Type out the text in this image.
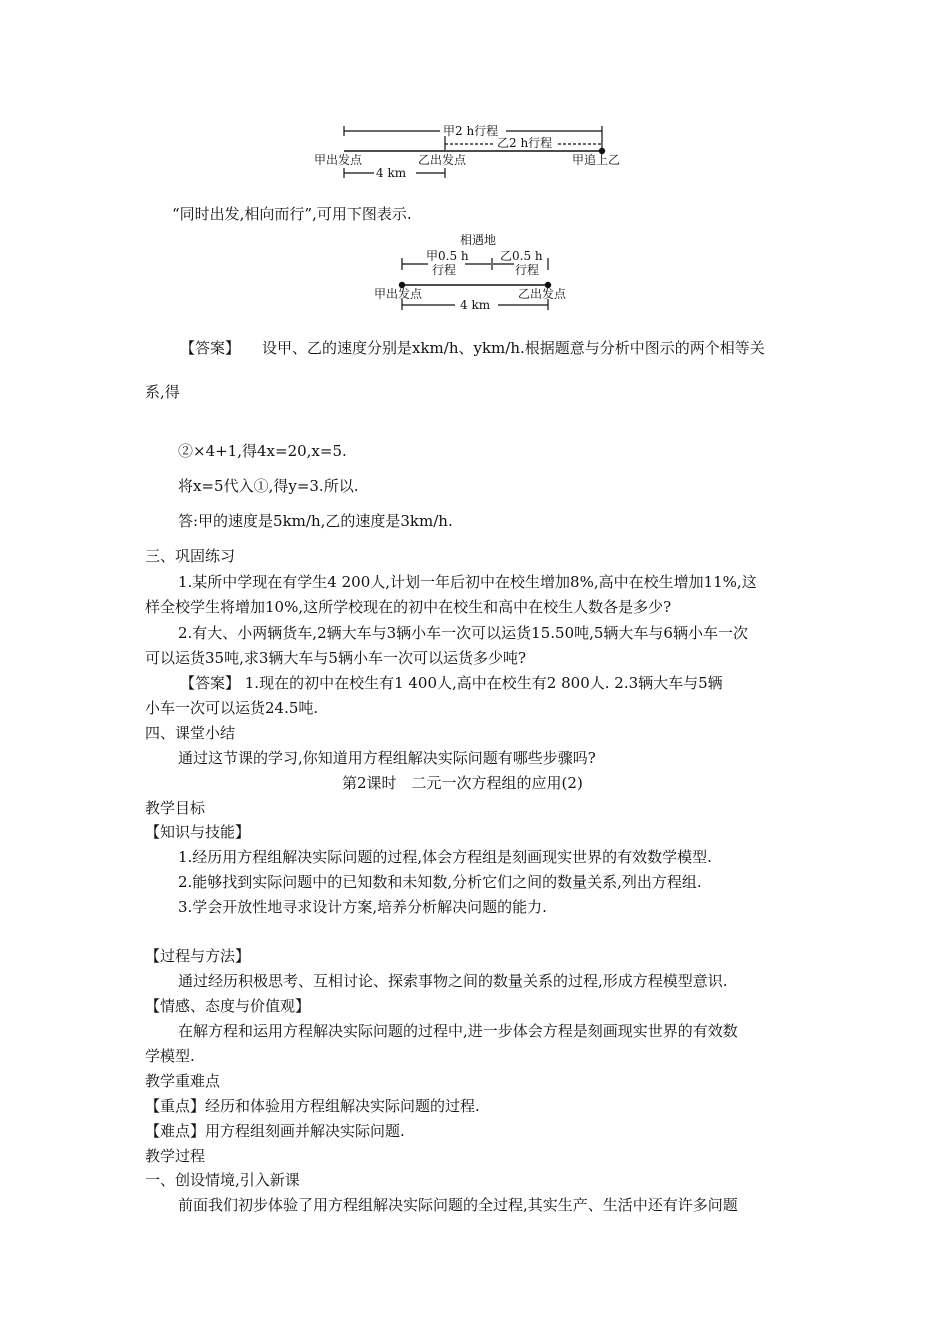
甲2 h行程
乙2 h行程
甲出发点	乙出发点	甲追上乙
4 km
“同时出发,相向而行”,可用下图表示.
相遇地
甲0.5 h
行程
乙0.5 h
行程
甲出发点	乙出发点
4 km
【答案】 设甲、乙的速度分别是xkm/h、ykm/h.根据题意与分析中图示的两个相等关
系,得
②×4+1,得4x=20,x=5.
将x=5代入①,得y=3.所以.
答:甲的速度是5km/h,乙的速度是3km/h.
三、巩固练习
1.某所中学现在有学生4 200人,计划一年后初中在校生增加8%,高中在校生增加11%,这
样全校学生将增加10%,这所学校现在的初中在校生和高中在校生人数各是多少?
2.有大、小两辆货车,2辆大车与3辆小车一次可以运货15.50吨,5辆大车与6辆小车一次
可以运货35吨,求3辆大车与5辆小车一次可以运货多少吨?
【答案】 1.现在的初中在校生有1 400人,高中在校生有2 800人. 2.3辆大车与5辆
小车一次可以运货24.5吨.
四、课堂小结
通过这节课的学习,你知道用方程组解决实际问题有哪些步骤吗?
第2课时　二元一次方程组的应用(2)
教学目标
【知识与技能】
1.经历用方程组解决实际问题的过程,体会方程组是刻画现实世界的有效数学模型.
2.能够找到实际问题中的已知数和未知数,分析它们之间的数量关系,列出方程组.
3.学会开放性地寻求设计方案,培养分析解决问题的能力.
【过程与方法】
通过经历积极思考、互相讨论、探索事物之间的数量关系的过程,形成方程模型意识.
【情感、态度与价值观】
在解方程和运用方程解决实际问题的过程中,进一步体会方程是刻画现实世界的有效数
学模型.
教学重难点
【重点】经历和体验用方程组解决实际问题的过程.
【难点】用方程组刻画并解决实际问题.
教学过程
一、创设情境,引入新课
前面我们初步体验了用方程组解决实际问题的全过程,其实生产、生活中还有许多问题
